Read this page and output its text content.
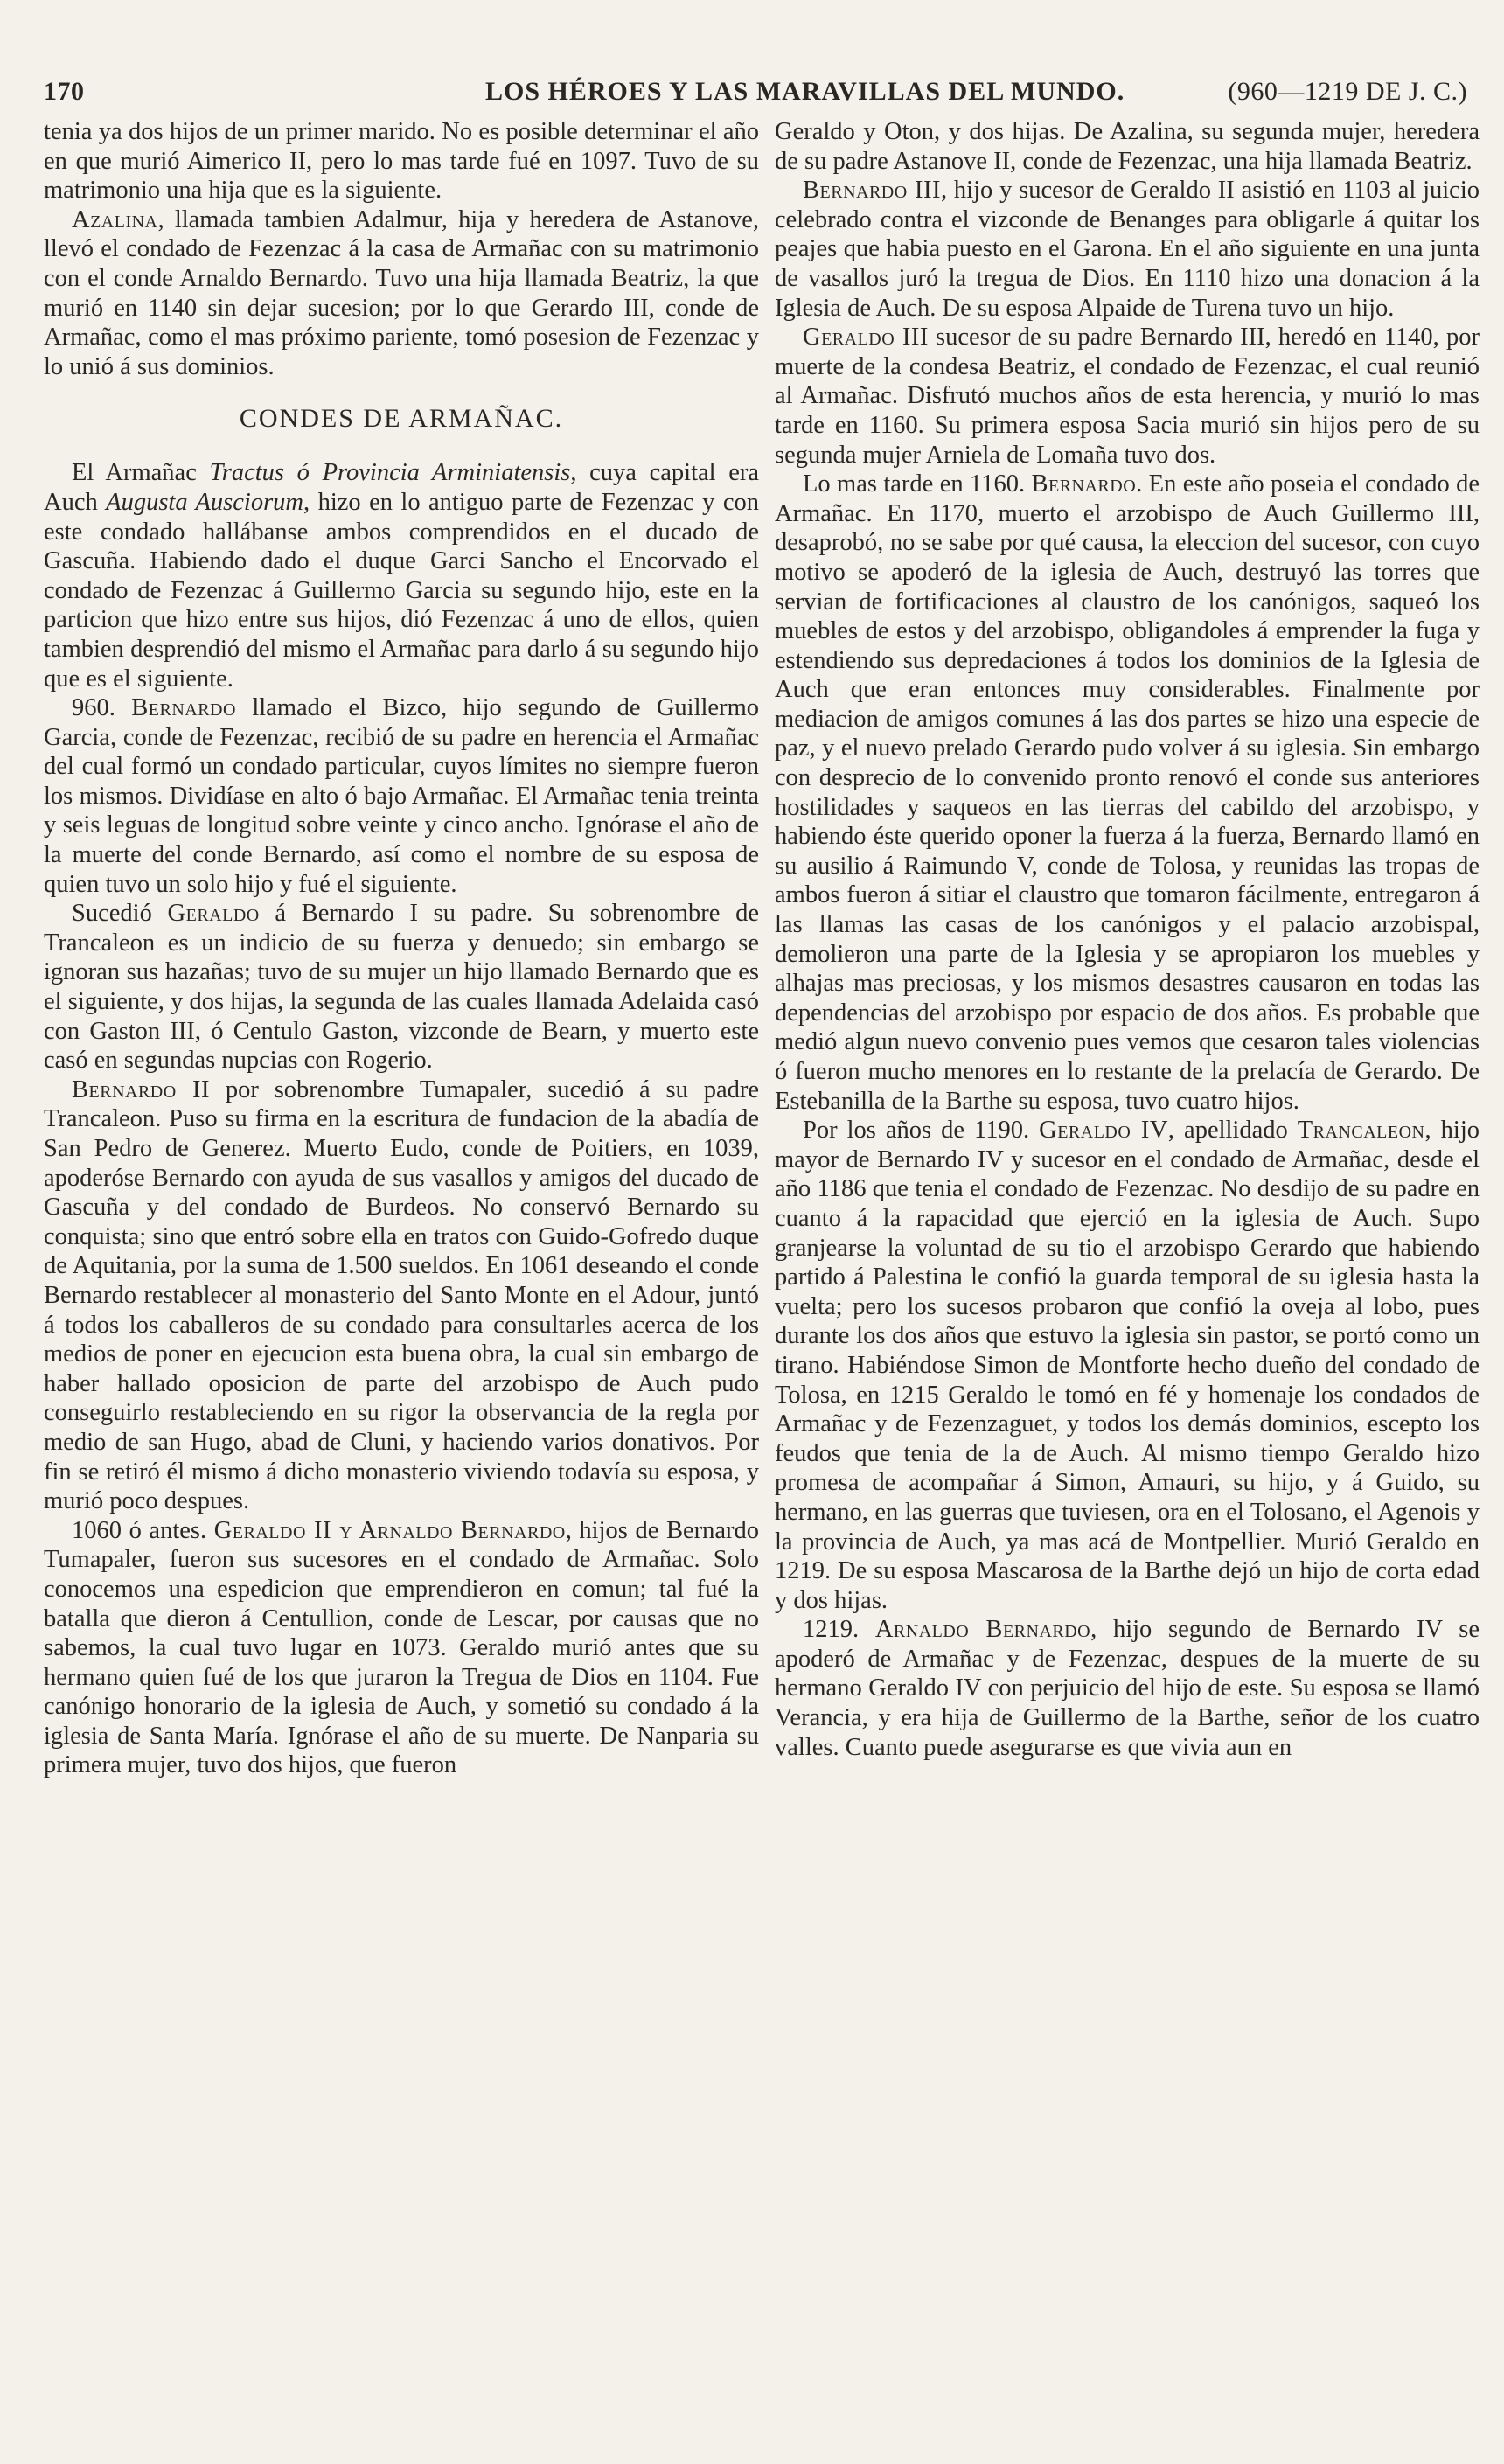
170	LOS HÉROES Y LAS MARAVILLAS DEL MUNDO.	(960—1219 DE J. C.)

tenia ya dos hijos de un primer marido. No es posible determinar el año en que murió Aimerico II, pero lo mas tarde fué en 1097. Tuvo de su matrimonio una hija que es la siguiente.

Azalina, llamada tambien Adalmur, hija y heredera de Astanove, llevó el condado de Fezenzac á la casa de Armañac con su matrimonio con el conde Arnaldo Bernardo. Tuvo una hija llamada Beatriz, la que murió en 1140 sin dejar sucesion; por lo que Gerardo III, conde de Armañac, como el mas próximo pariente, tomó posesion de Fezenzac y lo unió á sus dominios.

CONDES DE ARMAÑAC.

El Armañac Tractus ó Provincia Arminiatensis, cuya capital era Auch Augusta Ausciorum, hizo en lo antiguo parte de Fezenzac y con este condado hallábanse ambos comprendidos en el ducado de Gascuña. Habiendo dado el duque Garci Sancho el Encorvado el condado de Fezenzac á Guillermo Garcia su segundo hijo, este en la particion que hizo entre sus hijos, dió Fezenzac á uno de ellos, quien tambien desprendió del mismo el Armañac para darlo á su segundo hijo que es el siguiente.

960. Bernardo llamado el Bizco, hijo segundo de Guillermo Garcia, conde de Fezenzac, recibió de su padre en herencia el Armañac del cual formó un condado particular, cuyos límites no siempre fueron los mismos. Dividíase en alto ó bajo Armañac. El Armañac tenia treinta y seis leguas de longitud sobre veinte y cinco ancho. Ignórase el año de la muerte del conde Bernardo, así como el nombre de su esposa de quien tuvo un solo hijo y fué el siguiente.

Sucedió Geraldo á Bernardo I su padre. Su sobrenombre de Trancaleon es un indicio de su fuerza y denuedo; sin embargo se ignoran sus hazañas; tuvo de su mujer un hijo llamado Bernardo que es el siguiente, y dos hijas, la segunda de las cuales llamada Adelaida casó con Gaston III, ó Centulo Gaston, vizconde de Bearn, y muerto este casó en segundas nupcias con Rogerio.

Bernardo II por sobrenombre Tumapaler, sucedió á su padre Trancaleon. Puso su firma en la escritura de fundacion de la abadía de San Pedro de Generez. Muerto Eudo, conde de Poitiers, en 1039, apoderóse Bernardo con ayuda de sus vasallos y amigos del ducado de Gascuña y del condado de Burdeos. No conservó Bernardo su conquista; sino que entró sobre ella en tratos con Guido-Gofredo duque de Aquitania, por la suma de 1.500 sueldos. En 1061 deseando el conde Bernardo restablecer al monasterio del Santo Monte en el Adour, juntó á todos los caballeros de su condado para consultarles acerca de los medios de poner en ejecucion esta buena obra, la cual sin embargo de haber hallado oposicion de parte del arzobispo de Auch pudo conseguirlo restableciendo en su rigor la observancia de la regla por medio de san Hugo, abad de Cluni, y haciendo varios donativos. Por fin se retiró él mismo á dicho monasterio viviendo todavía su esposa, y murió poco despues.

1060 ó antes. Geraldo II y Arnaldo Bernardo, hijos de Bernardo Tumapaler, fueron sus sucesores en el condado de Armañac. Solo conocemos una espedicion que emprendieron en comun; tal fué la batalla que dieron á Centullion, conde de Lescar, por causas que no sabemos, la cual tuvo lugar en 1073. Geraldo murió antes que su hermano quien fué de los que juraron la Tregua de Dios en 1104. Fue canónigo honorario de la iglesia de Auch, y sometió su condado á la iglesia de Santa María. Ignórase el año de su muerte. De Nanparia su primera mujer, tuvo dos hijos, que fueron

Geraldo y Oton, y dos hijas. De Azalina, su segunda mujer, heredera de su padre Astanove II, conde de Fezenzac, una hija llamada Beatriz.

Bernardo III, hijo y sucesor de Geraldo II asistió en 1103 al juicio celebrado contra el vizconde de Benanges para obligarle á quitar los peajes que habia puesto en el Garona. En el año siguiente en una junta de vasallos juró la tregua de Dios. En 1110 hizo una donacion á la Iglesia de Auch. De su esposa Alpaide de Turena tuvo un hijo.

Geraldo III sucesor de su padre Bernardo III, heredó en 1140, por muerte de la condesa Beatriz, el condado de Fezenzac, el cual reunió al Armañac. Disfrutó muchos años de esta herencia, y murió lo mas tarde en 1160. Su primera esposa Sacia murió sin hijos pero de su segunda mujer Arniela de Lomaña tuvo dos.

Lo mas tarde en 1160. Bernardo. En este año poseia el condado de Armañac. En 1170, muerto el arzobispo de Auch Guillermo III, desaprobó, no se sabe por qué causa, la eleccion del sucesor, con cuyo motivo se apoderó de la iglesia de Auch, destruyó las torres que servian de fortificaciones al claustro de los canónigos, saqueó los muebles de estos y del arzobispo, obligandoles á emprender la fuga y estendiendo sus depredaciones á todos los dominios de la Iglesia de Auch que eran entonces muy considerables. Finalmente por mediacion de amigos comunes á las dos partes se hizo una especie de paz, y el nuevo prelado Gerardo pudo volver á su iglesia. Sin embargo con desprecio de lo convenido pronto renovó el conde sus anteriores hostilidades y saqueos en las tierras del cabildo del arzobispo, y habiendo éste querido oponer la fuerza á la fuerza, Bernardo llamó en su ausilio á Raimundo V, conde de Tolosa, y reunidas las tropas de ambos fueron á sitiar el claustro que tomaron fácilmente, entregaron á las llamas las casas de los canónigos y el palacio arzobispal, demolieron una parte de la Iglesia y se apropiaron los muebles y alhajas mas preciosas, y los mismos desastres causaron en todas las dependencias del arzobispo por espacio de dos años. Es probable que medió algun nuevo convenio pues vemos que cesaron tales violencias ó fueron mucho menores en lo restante de la prelacía de Gerardo. De Estebanilla de la Barthe su esposa, tuvo cuatro hijos.

Por los años de 1190. Geraldo IV, apellidado Trancaleon, hijo mayor de Bernardo IV y sucesor en el condado de Armañac, desde el año 1186 que tenia el condado de Fezenzac. No desdijo de su padre en cuanto á la rapacidad que ejerció en la iglesia de Auch. Supo granjearse la voluntad de su tio el arzobispo Gerardo que habiendo partido á Palestina le confió la guarda temporal de su iglesia hasta la vuelta; pero los sucesos probaron que confió la oveja al lobo, pues durante los dos años que estuvo la iglesia sin pastor, se portó como un tirano. Habiéndose Simon de Montforte hecho dueño del condado de Tolosa, en 1215 Geraldo le tomó en fé y homenaje los condados de Armañac y de Fezenzaguet, y todos los demás dominios, escepto los feudos que tenia de la de Auch. Al mismo tiempo Geraldo hizo promesa de acompañar á Simon, Amauri, su hijo, y á Guido, su hermano, en las guerras que tuviesen, ora en el Tolosano, el Agenois y la provincia de Auch, ya mas acá de Montpellier. Murió Geraldo en 1219. De su esposa Mascarosa de la Barthe dejó un hijo de corta edad y dos hijas.

1219. Arnaldo Bernardo, hijo segundo de Bernardo IV se apoderó de Armañac y de Fezenzac, despues de la muerte de su hermano Geraldo IV con perjuicio del hijo de este. Su esposa se llamó Verancia, y era hija de Guillermo de la Barthe, señor de los cuatro valles. Cuanto puede asegurarse es que vivia aun en
